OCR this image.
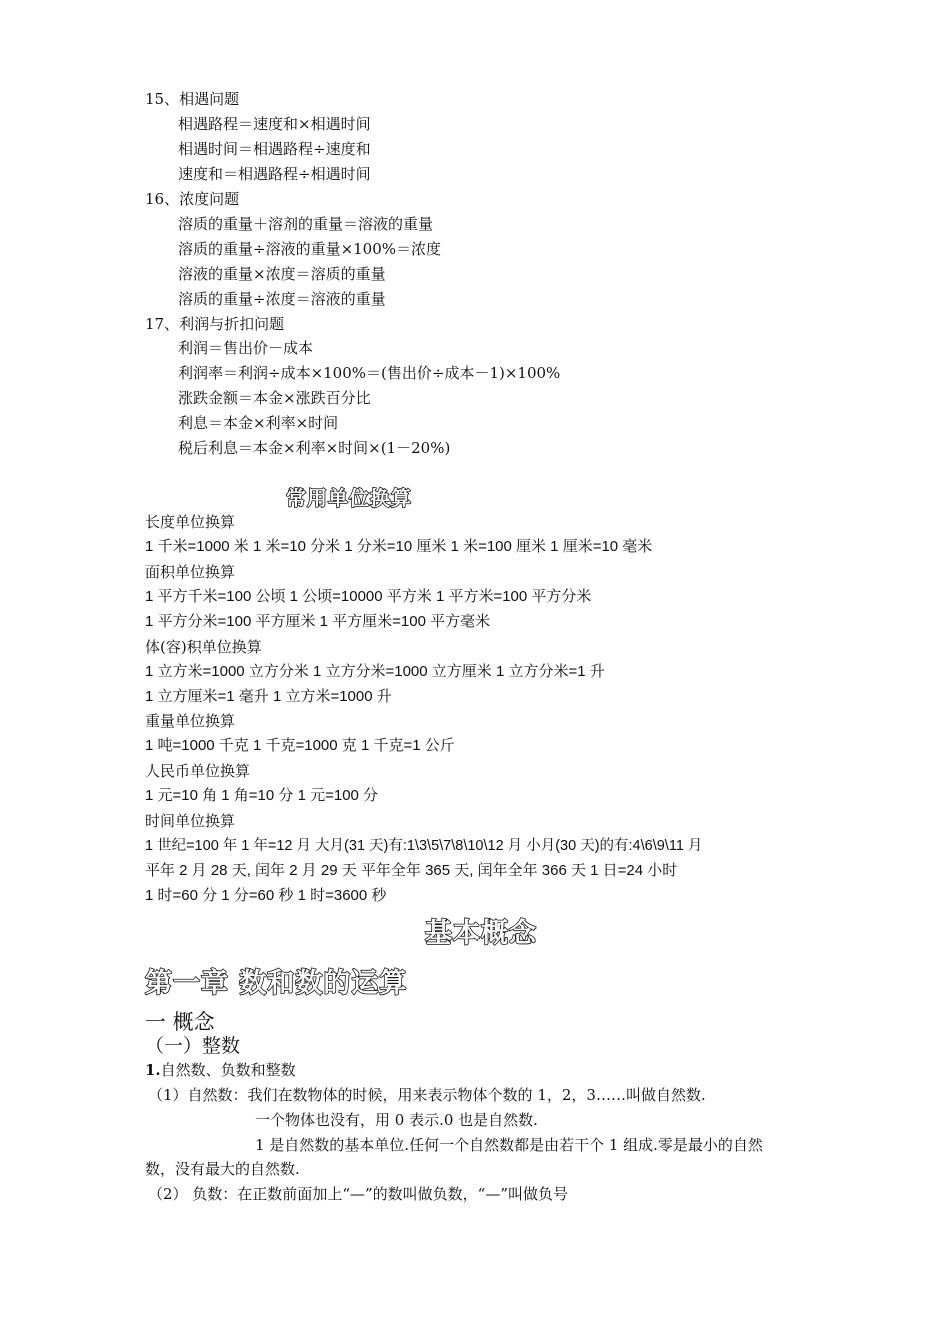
15、相遇问题
相遇路程＝速度和×相遇时间
相遇时间＝相遇路程÷速度和
速度和＝相遇路程÷相遇时间
16、浓度问题
溶质的重量＋溶剂的重量＝溶液的重量
溶质的重量÷溶液的重量×100%＝浓度
溶液的重量×浓度＝溶质的重量
溶质的重量÷浓度＝溶液的重量
17、利润与折扣问题
利润＝售出价－成本
利润率＝利润÷成本×100%＝(售出价÷成本－1)×100%
涨跌金额＝本金×涨跌百分比
利息＝本金×利率×时间
税后利息＝本金×利率×时间×(1－20%)
常用单位换算
长度单位换算
1 千米=1000 米 1 米=10 分米 1 分米=10 厘米 1 米=100 厘米 1 厘米=10 毫米
面积单位换算
1 平方千米=100 公顷 1 公顷=10000 平方米 1 平方米=100 平方分米
1 平方分米=100 平方厘米 1 平方厘米=100 平方毫米
体(容)积单位换算
1 立方米=1000 立方分米 1 立方分米=1000 立方厘米 1 立方分米=1 升
1 立方厘米=1 毫升 1 立方米=1000 升
重量单位换算
1 吨=1000 千克 1 千克=1000 克 1 千克=1 公斤
人民币单位换算
1 元=10 角 1 角=10 分 1 元=100 分
时间单位换算
1 世纪=100 年 1 年=12 月 大月(31 天)有:1\3\5\7\8\10\12 月 小月(30 天)的有:4\6\9\11 月
平年 2 月 28 天, 闰年 2 月 29 天 平年全年 365 天, 闰年全年 366 天 1 日=24 小时
1 时=60 分 1 分=60 秒 1 时=3600 秒
基本概念
第一章 数和数的运算
一 概念
（一）整数
1.自然数、负数和整数
（1）自然数：我们在数物体的时候，用来表示物体个数的 1，2，3……叫做自然数.
一个物体也没有，用 0 表示.0 也是自然数.
1 是自然数的基本单位.任何一个自然数都是由若干个 1 组成.零是最小的自然
数，没有最大的自然数.
（2） 负数：在正数前面加上“—”的数叫做负数，“—”叫做负号
